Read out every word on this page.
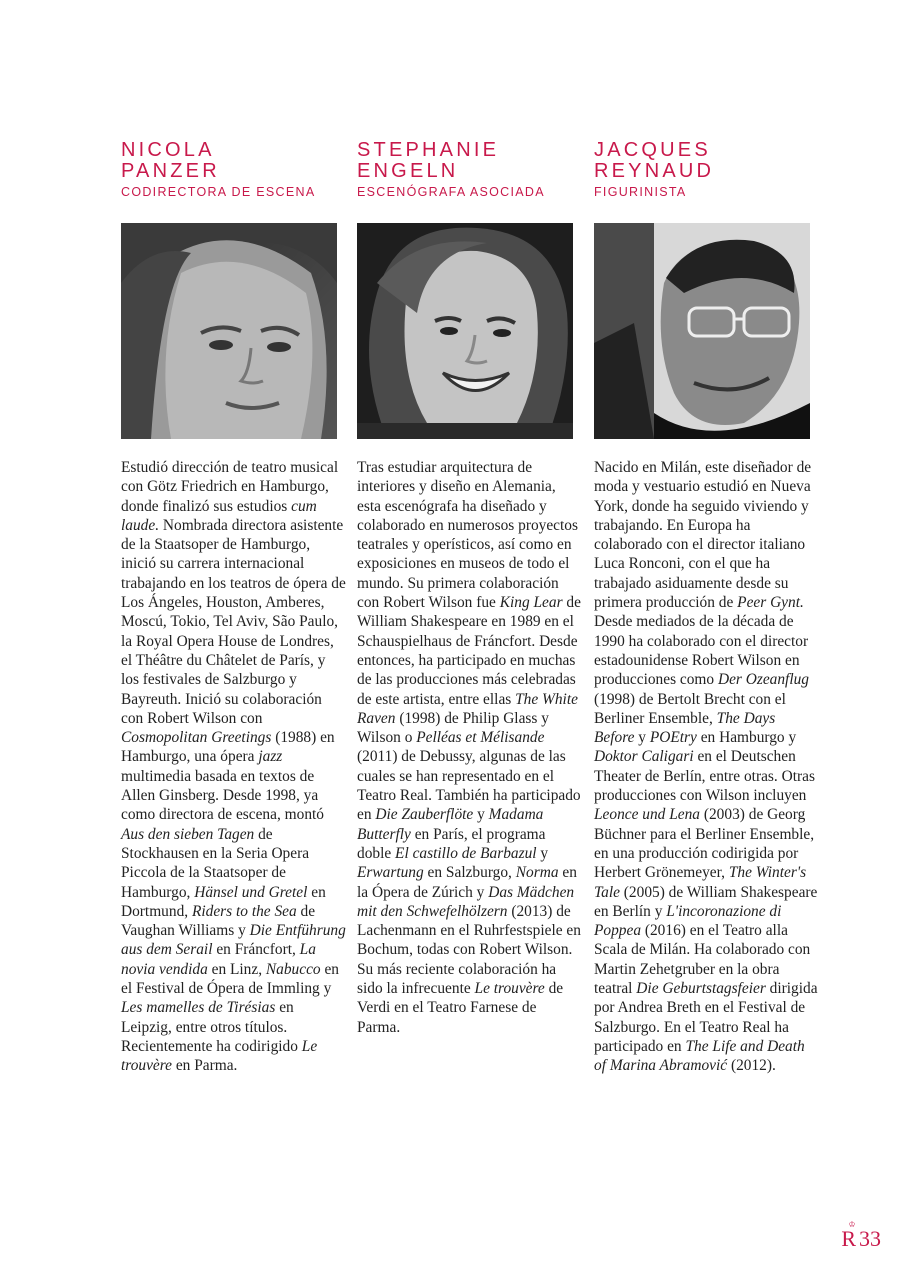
NICOLA
PANZER
CODIRECTORA DE ESCENA

Estudió dirección de teatro musical con Götz Friedrich en Hamburgo, donde finalizó sus estudios cum laude. Nombrada directora asistente de la Staatsoper de Hamburgo, inició su carrera internacional trabajando en los teatros de ópera de Los Ángeles, Houston, Amberes, Moscú, Tokio, Tel Aviv, São Paulo, la Royal Opera House de Londres, el Théâtre du Châtelet de París, y los festivales de Salzburgo y Bayreuth. Inició su colaboración con Robert Wilson con Cosmopolitan Greetings (1988) en Hamburgo, una ópera jazz multimedia basada en textos de Allen Ginsberg. Desde 1998, ya como directora de escena, montó Aus den sieben Tagen de Stockhausen en la Seria Opera Piccola de la Staatsoper de Hamburgo, Hänsel und Gretel en Dortmund, Riders to the Sea de Vaughan Williams y Die Entführung aus dem Serail en Fráncfort, La novia vendida en Linz, Nabucco en el Festival de Ópera de Immling y Les mamelles de Tirésias en Leipzig, entre otros títulos. Recientemente ha codirigido Le trouvère en Parma.

STEPHANIE
ENGELN
ESCENÓGRAFA ASOCIADA

Tras estudiar arquitectura de interiores y diseño en Alemania, esta escenógrafa ha diseñado y colaborado en numerosos proyectos teatrales y operísticos, así como en exposiciones en museos de todo el mundo. Su primera colaboración con Robert Wilson fue King Lear de William Shakespeare en 1989 en el Schauspielhaus de Fráncfort. Desde entonces, ha participado en muchas de las producciones más celebradas de este artista, entre ellas The White Raven (1998) de Philip Glass y Wilson o Pelléas et Mélisande (2011) de Debussy, algunas de las cuales se han representado en el Teatro Real. También ha participado en Die Zauberflöte y Madama Butterfly en París, el programa doble El castillo de Barbazul y Erwartung en Salzburgo, Norma en la Ópera de Zúrich y Das Mädchen mit den Schwefelhölzern (2013) de Lachenmann en el Ruhrfestspiele en Bochum, todas con Robert Wilson. Su más reciente colaboración ha sido la infrecuente Le trouvère de Verdi en el Teatro Farnese de Parma.

JACQUES
REYNAUD
FIGURINISTA

Nacido en Milán, este diseñador de moda y vestuario estudió en Nueva York, donde ha seguido viviendo y trabajando. En Europa ha colaborado con el director italiano Luca Ronconi, con el que ha trabajado asiduamente desde su primera producción de Peer Gynt. Desde mediados de la década de 1990 ha colaborado con el director estadounidense Robert Wilson en producciones como Der Ozeanflug (1998) de Bertolt Brecht con el Berliner Ensemble, The Days Before y POEtry en Hamburgo y Doktor Caligari en el Deutschen Theater de Berlín, entre otras. Otras producciones con Wilson incluyen Leonce und Lena (2003) de Georg Büchner para el Berliner Ensemble, en una producción codirigida por Herbert Grönemeyer, The Winter's Tale (2005) de William Shakespeare en Berlín y L'incoronazione di Poppea (2016) en el Teatro alla Scala de Milán. Ha colaborado con Martin Zehetgruber en la obra teatral Die Geburtstagsfeier dirigida por Andrea Breth en el Festival de Salzburgo. En el Teatro Real ha participado en The Life and Death of Marina Abramović (2012).

♔ R 33
